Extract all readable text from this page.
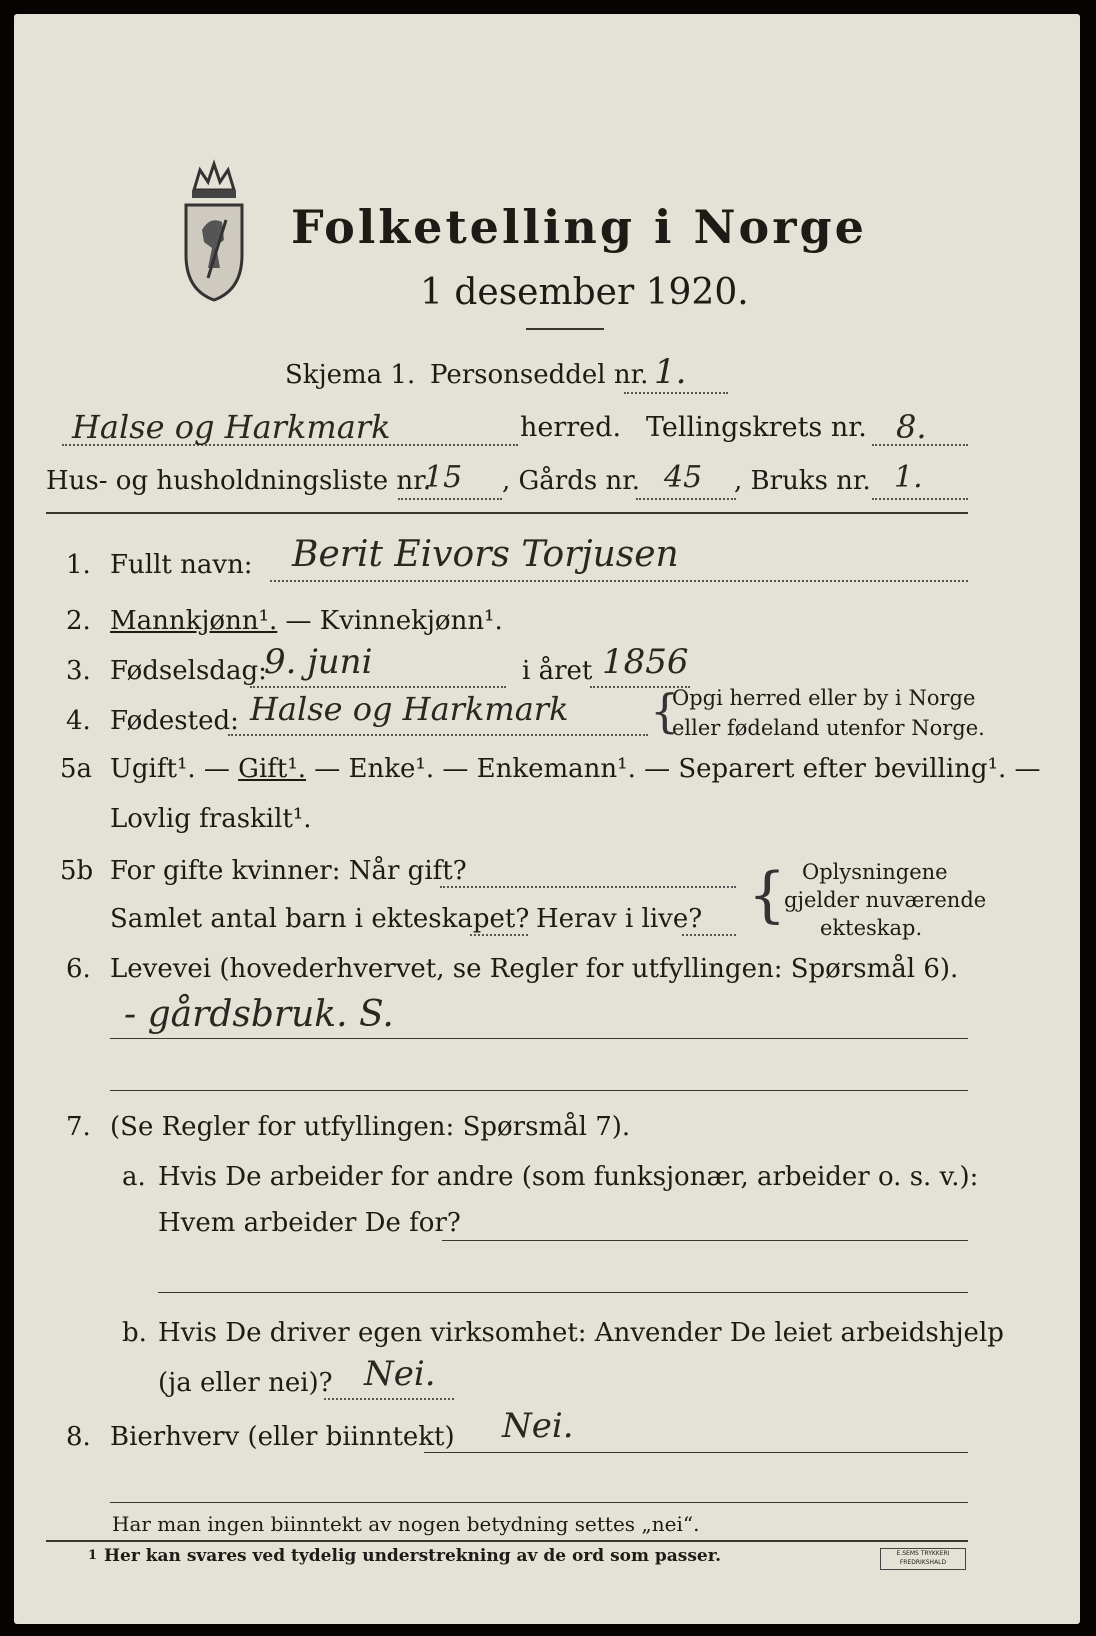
Folketelling i Norge
1 desember 1920.
Skjema 1. Personseddel nr. 1.
Halse og Harkmark	herred. Tellingskrets nr. 8.
Hus- og husholdningsliste nr.
15 , Gårds nr. 45 , Bruks nr. 1.
1. Fullt navn: Berit Eivors Torjusen
2. Mannkjønn¹. — Kvinnekjønn¹.
3. Fødselsdag:
9. juni	i året 1856
4. Fødested: Halse og Harkmark {
Opgi herred eller by i Norge
eller fødeland utenfor Norge.
5a Ugift¹. — Gift¹. — Enke¹. — Enkemann¹. — Separert efter bevilling¹. —
Lovlig fraskilt¹.
5b For gifte kvinner: Når gift?
Samlet antal barn i ekteskapet? Herav i live? { Oplysningene
gjelder nuværende
ekteskap.
6. Levevei (hovederhvervet, se Regler for utfyllingen: Spørsmål 6).
- gårdsbruk. S.
7. (Se Regler for utfyllingen: Spørsmål 7).
a. Hvis De arbeider for andre (som funksjonær, arbeider o. s. v.):
Hvem arbeider De for?
b. Hvis De driver egen virksomhet: Anvender De leiet arbeidshjelp
(ja eller nei)? Nei.
8. Bierhverv (eller biinntekt) Nei.
Har man ingen biinntekt av nogen betydning settes „nei“.
1 Her kan svares ved tydelig understrekning av de ord som passer.	E.SEMS TRYKKERI FREDRIKSHALD
